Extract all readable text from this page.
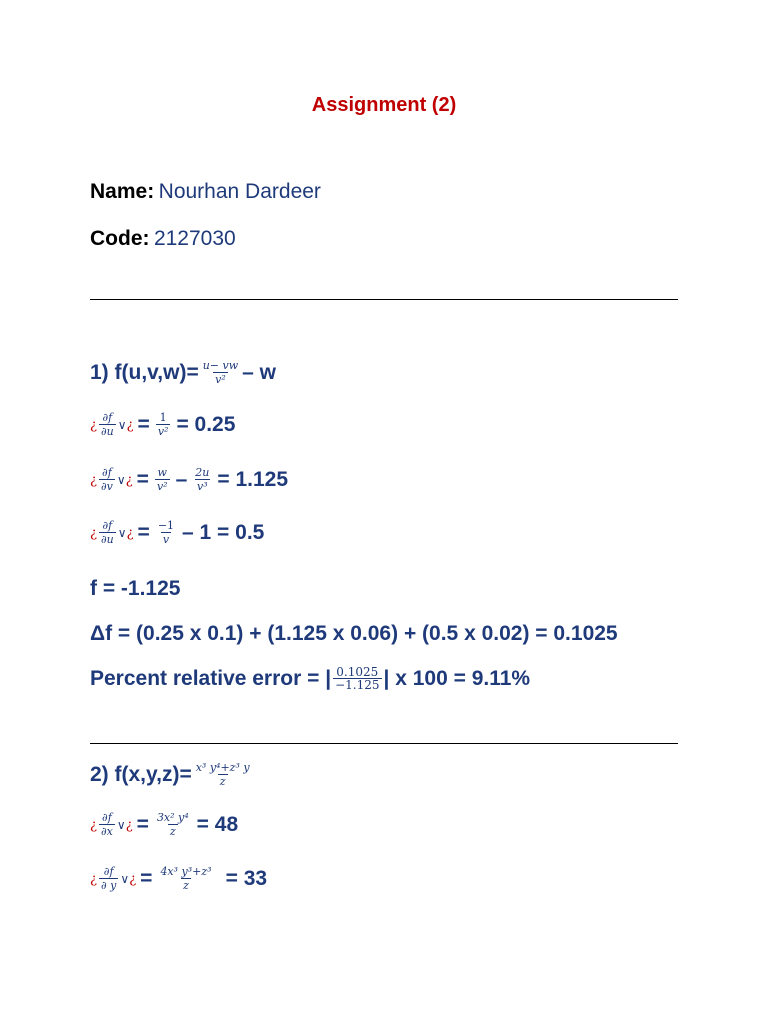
Assignment (2)
Name:
Nourhan Dardeer
Code:
2127030
1) $f(u,v,w)= \frac{u- vw}{\text{v²}} - w$
¿ $\frac{\partial f}{\partial u}$ ∨ ¿ = $\frac{1}{\text{v²}} = 0.25$
¿ $\frac{\partial f}{\partial v}$ ∨ ¿ = $\frac{w}{\text{v²}} - \frac{2u}{\text{v³}} = 1.125$
¿ $\frac{\partial f}{\partial u}$ ∨ ¿ = $\frac{-1}{v} - 1 = 0.5$
f = -1.125
Δf = (0.25 x 0.1) + (1.125 x 0.06) + (0.5 x 0.02) = 0.1025
Percent relative error = | $\frac{0.1025}{-1.125}$ | x 100 = 9.11%
2) $f(x,y,z)= \frac{\text{x³ y⁴+z³ y}}{z}$
¿ $\frac{\partial f}{\partial x}$ ∨ ¿ = $\frac{\text{3x² y⁴}}{z} = 48$
¿ $\frac{\partial f}{\partial y}$ ∨ ¿ = $\frac{\text{4x³ y³+z³}}{z} = 33$
